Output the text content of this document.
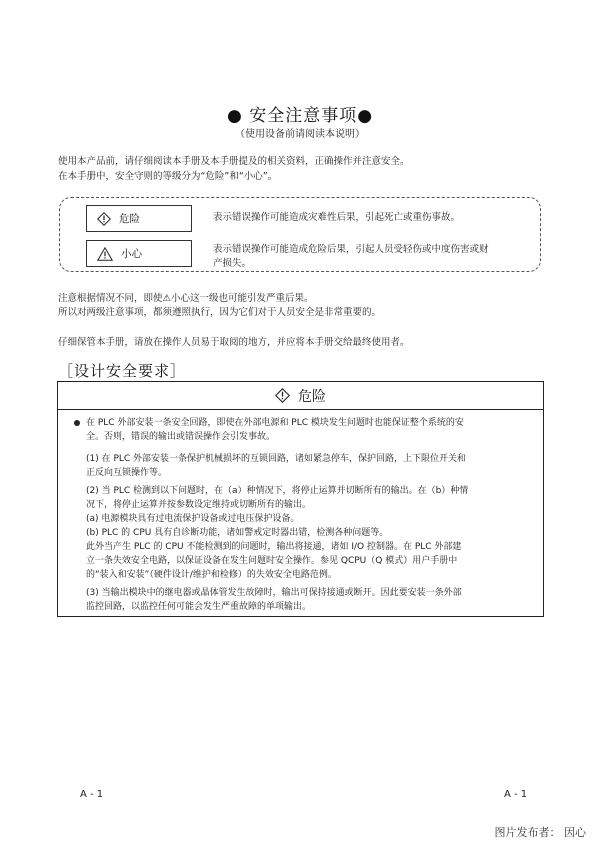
● 安全注意事项●
（使用设备前请阅读本说明）
使用本产品前，请仔细阅读本手册及本手册提及的相关资料，正确操作并注意安全。
在本手册中，安全守则的等级分为“危险”和“小心”。
危险	表示错误操作可能造成灾难性后果，引起死亡或重伤事故。
小心	表示错误操作可能造成危险后果，引起人员受轻伤或中度伤害或财
产损失。
注意根据情况不同，即使⚠小心这一级也可能引发严重后果。
所以对两级注意事项，都须遵照执行，因为它们对于人员安全是非常重要的。
仔细保管本手册，请放在操作人员易于取阅的地方，并应将本手册交给最终使用者。
［设计安全要求］
危险
在 PLC 外部安装一条安全回路，即使在外部电源和 PLC 模块发生问题时也能保证整个系统的安
全。否则，错误的输出或错误操作会引发事故。
(1) 在 PLC 外部安装一条保护机械损坏的互锁回路，诸如紧急停车，保护回路，上下限位开关和
正反向互锁操作等。
(2) 当 PLC 检测到以下问题时，在（a）种情况下，将停止运算并切断所有的输出。在（b）种情
况下，将停止运算并按参数设定维持或切断所有的输出。
(a) 电源模块具有过电流保护设备或过电压保护设备。
(b) PLC 的 CPU 具有自诊断功能，诸如警戒定时器出错，检测各种问题等。
此外当产生 PLC 的 CPU 不能检测到的问题时，输出将接通，诸如 I/O 控制器。在 PLC 外部建
立一条失效安全电路，以保证设备在发生问题时安全操作。参见 QCPU（Q 模式）用户手册中
的“装入和安装”（硬件设计/维护和检修）的失效安全电路范例。
(3) 当输出模块中的继电器或晶体管发生故障时，输出可保持接通或断开。因此要安装一条外部
监控回路，以监控任何可能会发生严重故障的单项输出。
A - 1	A - 1
图片发布者： 因心
